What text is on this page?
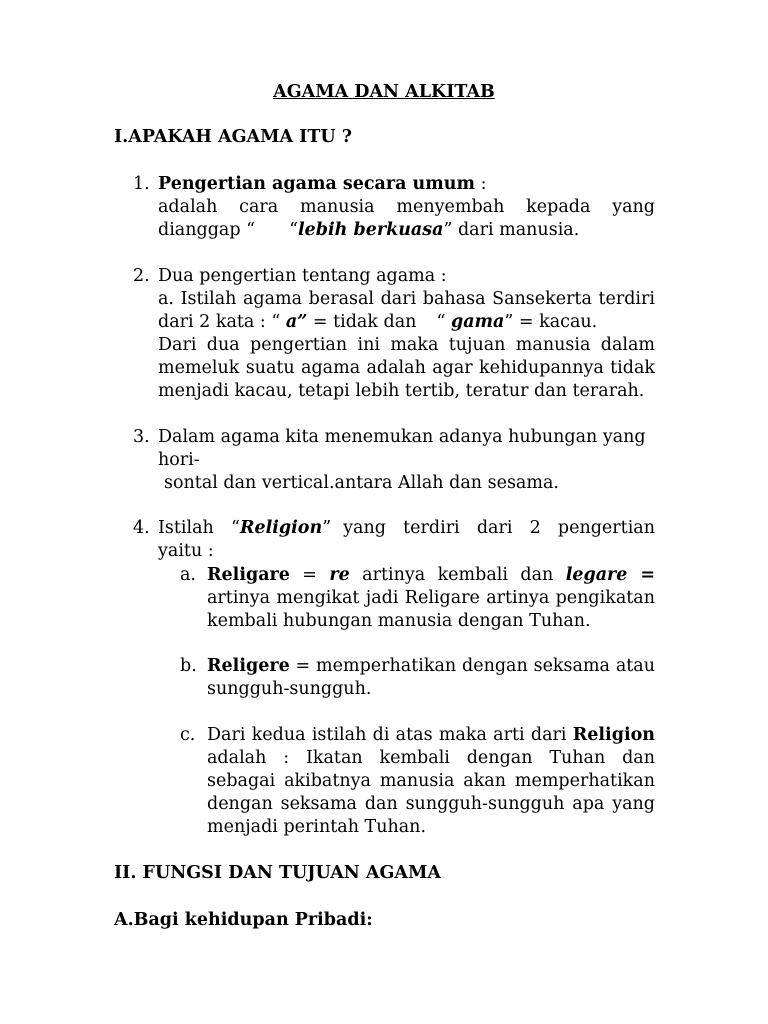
AGAMA DAN ALKITAB
I.APAKAH AGAMA ITU ?
1. Pengertian agama secara umum :
adalah cara manusia menyembah kepada yang
dianggap “ “lebih berkuasa” dari manusia.
2. Dua pengertian tentang agama :
a. Istilah agama berasal dari bahasa Sansekerta terdiri
dari 2 kata : “ a” = tidak dan “ gama” = kacau.
Dari dua pengertian ini maka tujuan manusia dalam
memeluk suatu agama adalah agar kehidupannya tidak
menjadi kacau, tetapi lebih tertib, teratur dan terarah.
3. Dalam agama kita menemukan adanya hubungan yang
hori-
sontal dan vertical.antara Allah dan sesama.
4. Istilah “Religion” yang terdiri dari 2 pengertian
yaitu :
a. Religare = re artinya kembali dan legare =
artinya mengikat jadi Religare artinya pengikatan
kembali hubungan manusia dengan Tuhan.
b. Religere = memperhatikan dengan seksama atau
sungguh-sungguh.
c. Dari kedua istilah di atas maka arti dari Religion
adalah : Ikatan kembali dengan Tuhan dan
sebagai akibatnya manusia akan memperhatikan
dengan seksama dan sungguh-sungguh apa yang
menjadi perintah Tuhan.
II. FUNGSI DAN TUJUAN AGAMA
A.Bagi kehidupan Pribadi:
